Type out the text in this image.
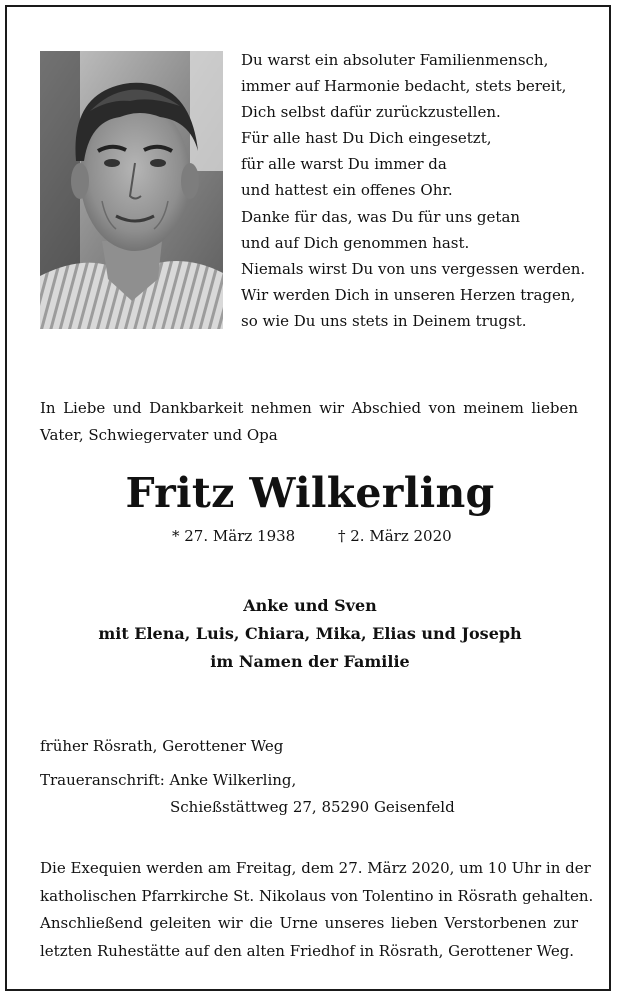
Du warst ein absoluter Familienmensch,
immer auf Harmonie bedacht, stets bereit,
Dich selbst dafür zurückzustellen.
Für alle hast Du Dich eingesetzt,
für alle warst Du immer da
und hattest ein offenes Ohr.
Danke für das, was Du für uns getan
und auf Dich genommen hast.
Niemals wirst Du von uns vergessen werden.
Wir werden Dich in unseren Herzen tragen,
so wie Du uns stets in Deinem trugst.
In Liebe und Dankbarkeit nehmen wir Abschied von meinem lieben Vater, Schwiegervater und Opa
Fritz Wilkerling
* 27. März 1938	† 2. März 2020
Anke und Sven
mit Elena, Luis, Chiara, Mika, Elias und Joseph
im Namen der Familie
früher Rösrath, Gerottener Weg
Traueranschrift: Anke Wilkerling,
Schießstättweg 27, 85290 Geisenfeld
Die Exequien werden am Freitag, dem 27. März 2020, um 10 Uhr in der
katholischen Pfarrkirche St. Nikolaus von Tolentino in Rösrath gehalten.
Anschließend geleiten wir die Urne unseres lieben Verstorbenen zur
letzten Ruhestätte auf den alten Friedhof in Rösrath, Gerottener Weg.
